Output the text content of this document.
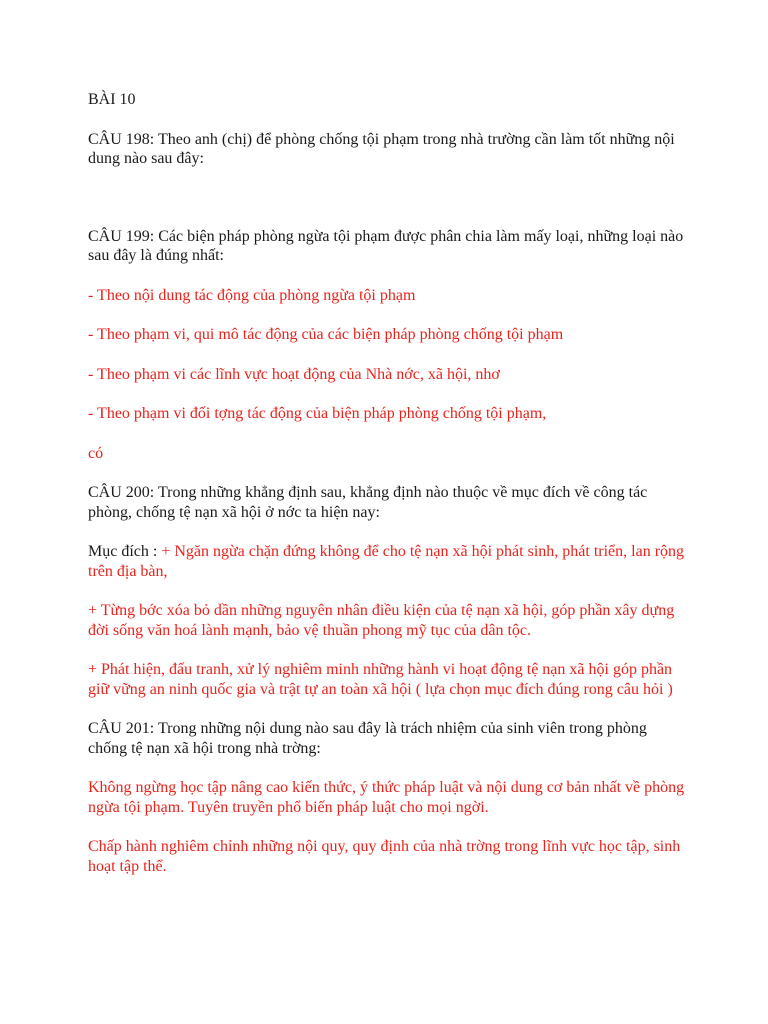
BÀI 10

CÂU 198: Theo anh (chị) để phòng chống tội phạm trong nhà trường cần làm tốt những nội dung nào sau đây:

CÂU 199: Các biện pháp phòng ngừa tội phạm được phân chia làm mấy loại, những loại nào sau đây là đúng nhất:

- Theo nội dung tác động của phòng ngừa tội phạm

- Theo phạm vi, qui mô tác động của các biện pháp phòng chống tội phạm

- Theo phạm vi các lĩnh vực hoạt động của Nhà nớc, xã hội, nhơ

- Theo phạm vi đối tợng tác động của biện pháp phòng chống tội phạm,

có

CÂU 200: Trong những khẳng định sau, khẳng định nào thuộc về mục đích về công tác phòng, chống tệ nạn xã hội ở nớc ta hiện nay:

Mục đích : + Ngăn ngừa chặn đứng không để cho tệ nạn xã hội phát sinh, phát triển, lan rộng trên địa bàn,

+ Từng bớc xóa bỏ dần những nguyên nhân điều kiện của tệ nạn xã hội, góp phần xây dựng đời sống văn hoá lành mạnh, bảo vệ thuần phong mỹ tục của dân tộc.

+ Phát hiện, đấu tranh, xử lý nghiêm minh những hành vi hoạt động tệ nạn xã hội góp phần giữ vững an ninh quốc gia và trật tự an toàn xã hội ( lựa chọn mục đích đúng rong câu hỏi )

CÂU 201: Trong những nội dung nào sau đây là trách nhiệm của sinh viên trong phòng chống tệ nạn xã hội trong nhà trờng:

Không ngừng học tập nâng cao kiến thức, ý thức pháp luật và nội dung cơ bản nhất về phòng ngừa tội phạm. Tuyên truyền phổ biến pháp luật cho mọi ngời.

Chấp hành nghiêm chỉnh những nội quy, quy định của nhà trờng trong lĩnh vực học tập, sinh hoạt tập thể.
